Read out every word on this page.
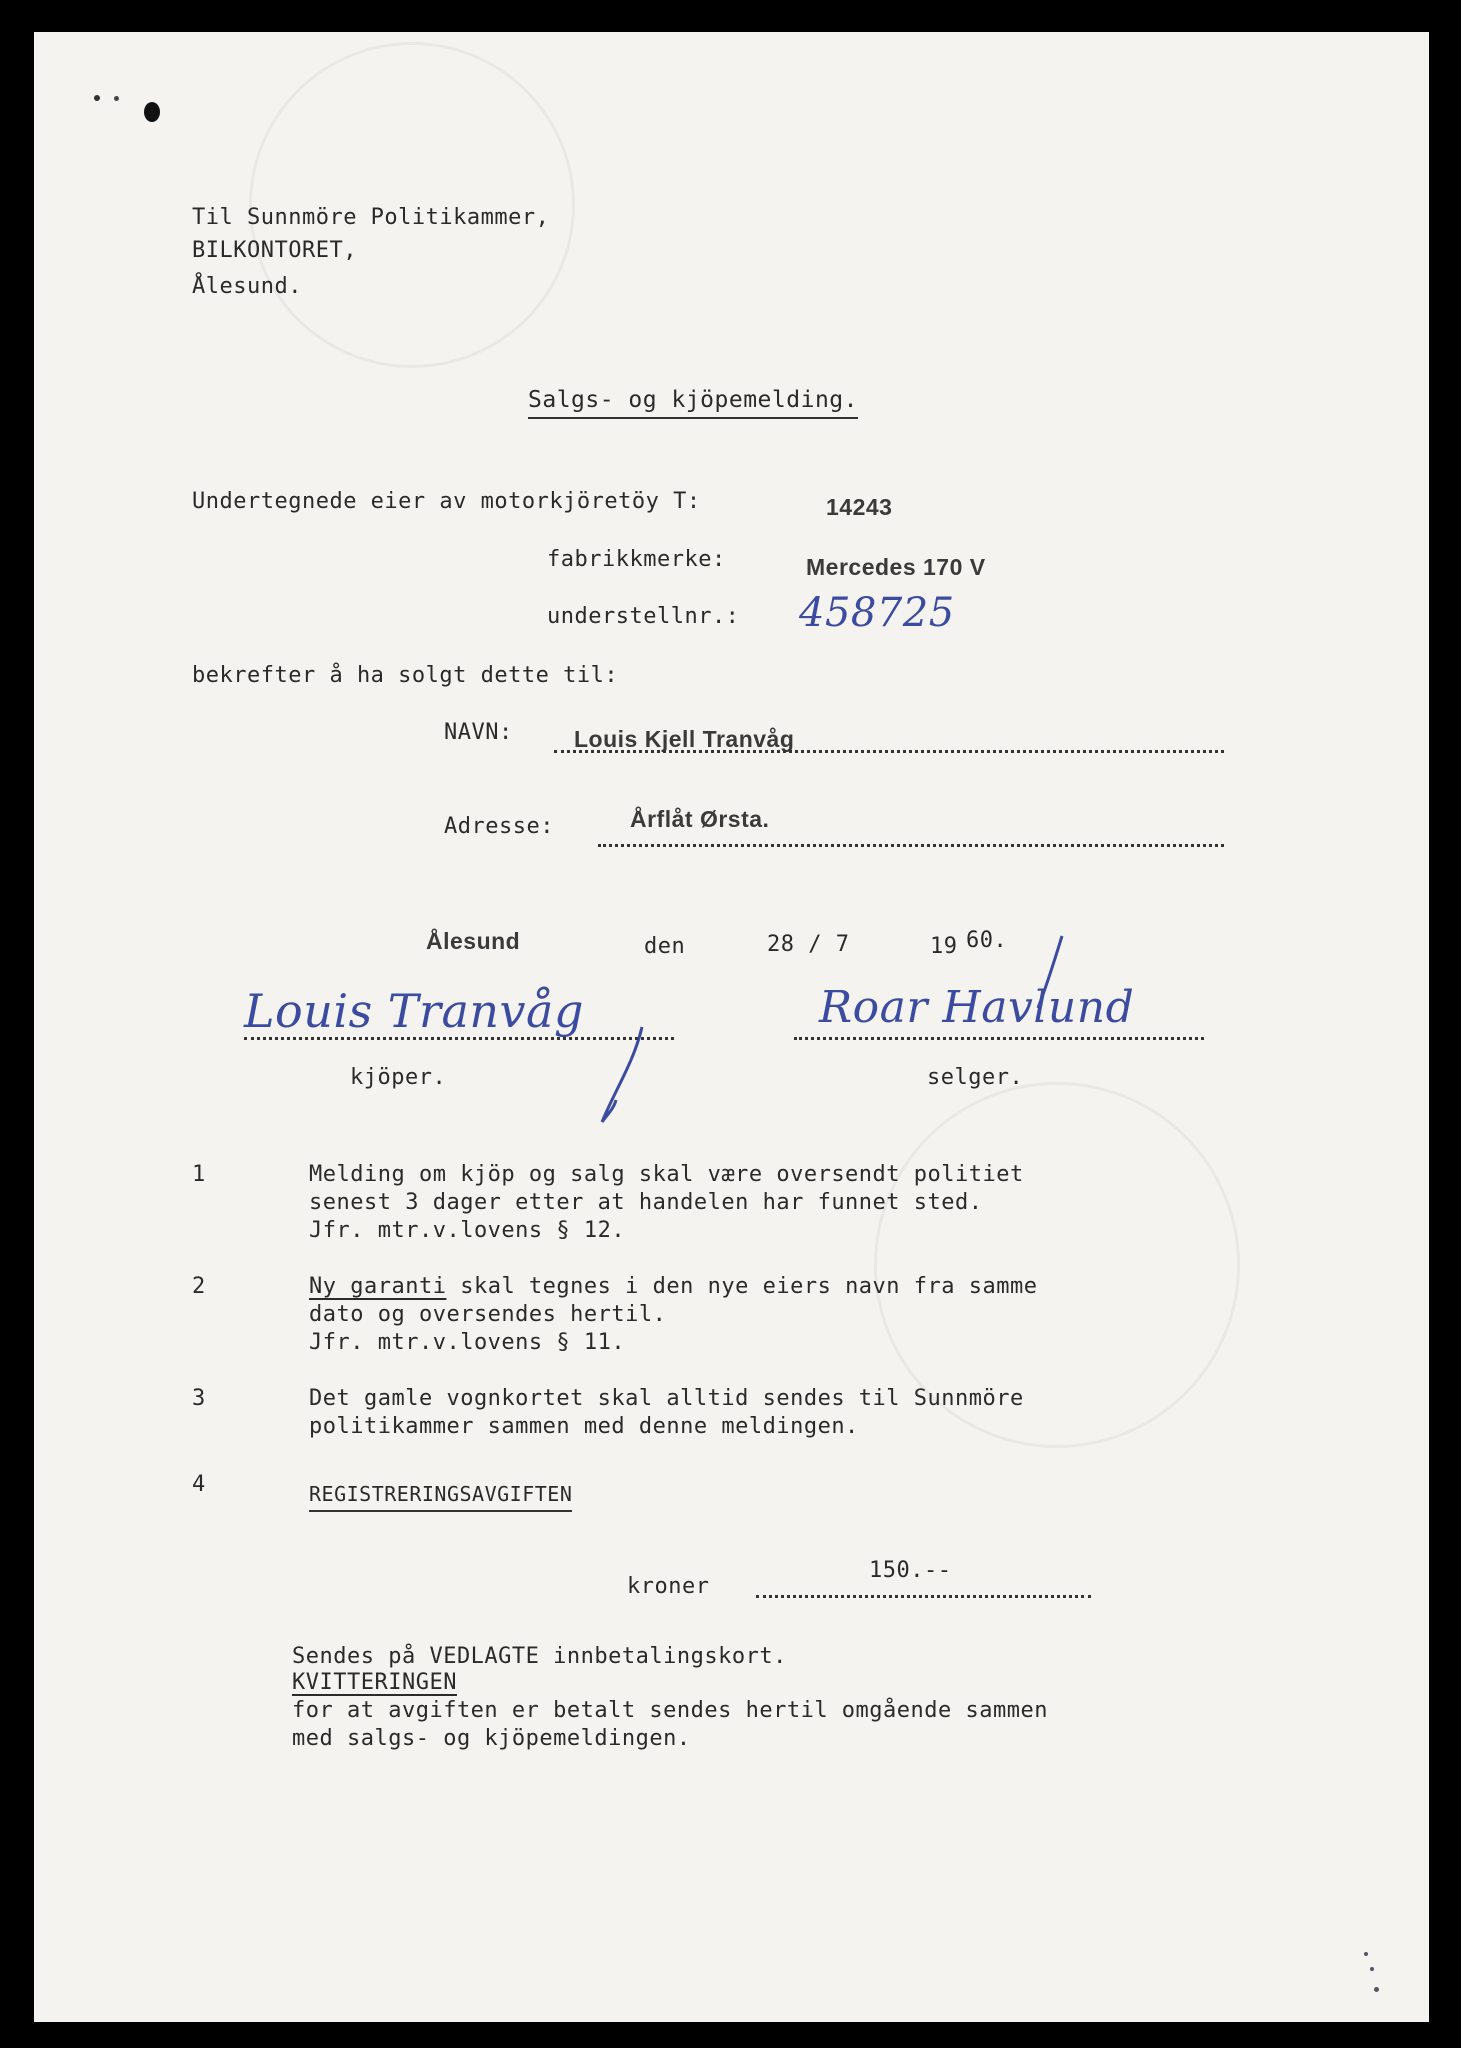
Til Sunnmöre Politikammer,
BILKONTORET,
Ålesund.
Salgs- og kjöpemelding.
Undertegnede eier av motorkjöretöy T:	14243
fabrikkmerke:	Mercedes 170 V
understellnr.: 458725
bekrefter å ha solgt dette til:
NAVN:	Louis Kjell Tranvåg
Adresse:	Årflåt Ørsta.
Ålesund	den	28 / 7	19 60.
Louis Tranvåg	Roar Havlund
kjöper.	selger.
1	Melding om kjöp og salg skal være oversendt politiet
senest 3 dager etter at handelen har funnet sted.
Jfr. mtr.v.lovens § 12.
2	Ny garanti skal tegnes i den nye eiers navn fra samme
dato og oversendes hertil.
Jfr. mtr.v.lovens § 11.
3	Det gamle vognkortet skal alltid sendes til Sunnmöre
politikammer sammen med denne meldingen.
4	REGISTRERINGSAVGIFTEN
kroner
150.--
Sendes på VEDLAGTE innbetalingskort.
KVITTERINGEN
for at avgiften er betalt sendes hertil omgående sammen
med salgs- og kjöpemeldingen.
